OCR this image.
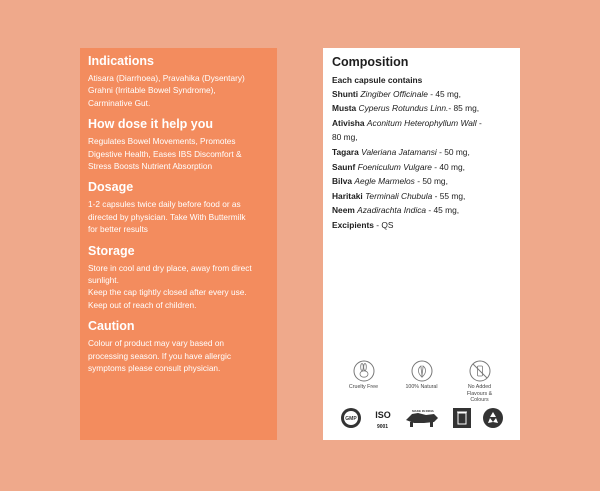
Indications

Atisara (Diarrhoea), Pravahika (Dysentary)
Grahni (Irritable Bowel Syndrome),
Carminative Gut.

How dose it help you

Regulates Bowel Movements, Promotes
Digestive Health, Eases IBS Discomfort &
Stress Boosts Nutrient Absorption

Dosage

1-2 capsules twice daily before food or as
directed by physician. Take With Buttermilk
for better results

Storage

Store in cool and dry place, away from direct
sunlight.
Keep the cap tightly closed after every use.
Keep out of reach of children.

Caution

Colour of product may vary based on
processing season. If you have allergic
symptoms please consult physician.

Composition
Each capsule contains
Shunti Zingiber Officinale - 45 mg,
Musta Cyperus Rotundus Linn.- 85 mg,
Ativisha Aconitum Heterophyllum Wall -
80 mg,
Tagara Valeriana Jatamansi - 50 mg,
Saunf Foeniculum Vulgare - 40 mg,
Bilva Aegle Marmelos - 50 mg,
Haritaki Terminali Chubula - 55 mg,
Neem Azadirachta Indica - 45 mg,
Excipients - QS
Cruelty Free	100% Natural	No Added
Flavours & Colours
GMP ISO
9001
MAKE IN INDIA
